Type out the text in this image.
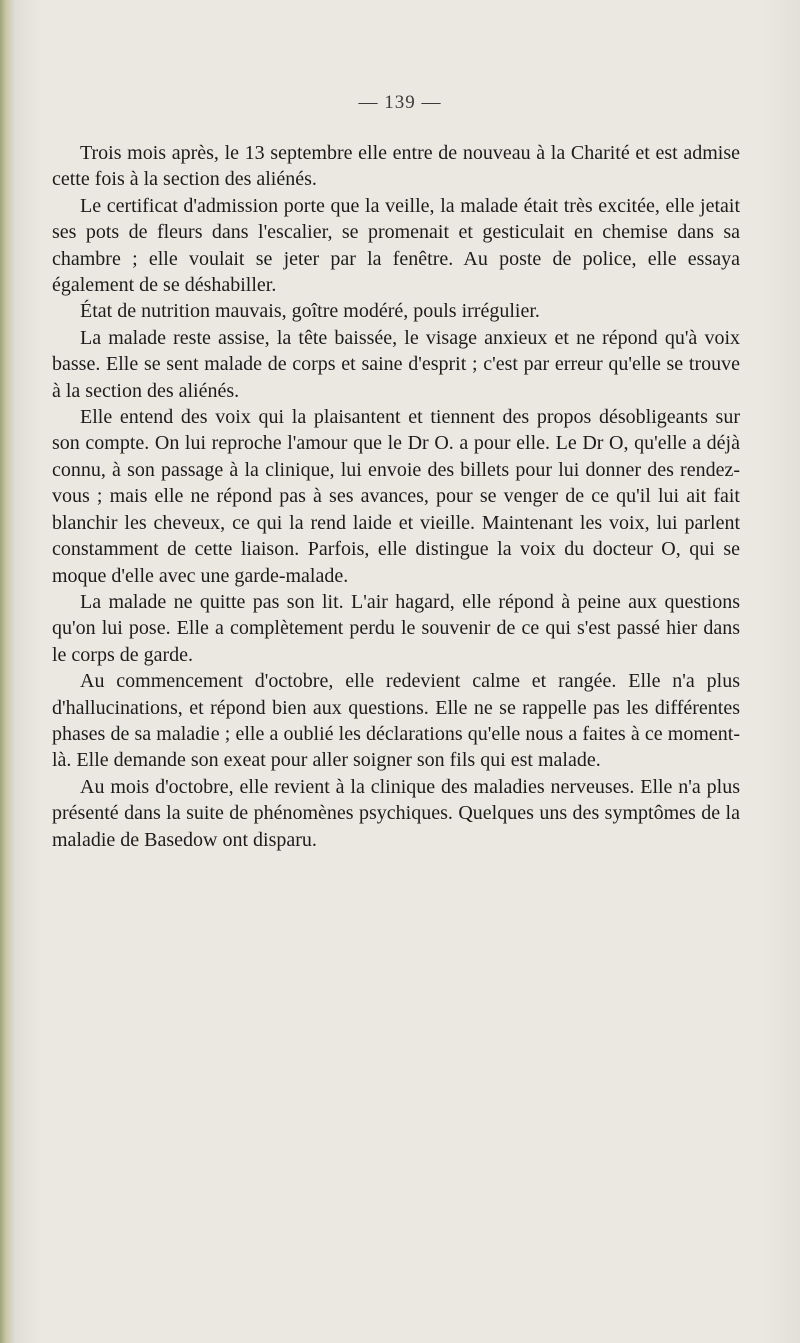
— 139 —

Trois mois après, le 13 septembre elle entre de nouveau à la Charité et est admise cette fois à la section des aliénés.

Le certificat d'admission porte que la veille, la malade était très excitée, elle jetait ses pots de fleurs dans l'escalier, se promenait et gesticulait en chemise dans sa chambre ; elle voulait se jeter par la fenêtre. Au poste de police, elle essaya également de se déshabiller.

État de nutrition mauvais, goître modéré, pouls irrégulier.

La malade reste assise, la tête baissée, le visage anxieux et ne répond qu'à voix basse. Elle se sent malade de corps et saine d'esprit ; c'est par erreur qu'elle se trouve à la section des aliénés.

Elle entend des voix qui la plaisantent et tiennent des propos désobligeants sur son compte. On lui reproche l'amour que le Dr O. a pour elle. Le Dr O, qu'elle a déjà connu, à son passage à la clinique, lui envoie des billets pour lui donner des rendez-vous ; mais elle ne répond pas à ses avances, pour se venger de ce qu'il lui ait fait blanchir les cheveux, ce qui la rend laide et vieille. Maintenant les voix, lui parlent constamment de cette liaison. Parfois, elle distingue la voix du docteur O, qui se moque d'elle avec une garde-malade.

La malade ne quitte pas son lit. L'air hagard, elle répond à peine aux questions qu'on lui pose. Elle a complètement perdu le souvenir de ce qui s'est passé hier dans le corps de garde.

Au commencement d'octobre, elle redevient calme et rangée. Elle n'a plus d'hallucinations, et répond bien aux questions. Elle ne se rappelle pas les différentes phases de sa maladie ; elle a oublié les déclarations qu'elle nous a faites à ce moment-là. Elle demande son exeat pour aller soigner son fils qui est malade.

Au mois d'octobre, elle revient à la clinique des maladies nerveuses. Elle n'a plus présenté dans la suite de phénomènes psychiques. Quelques uns des symptômes de la maladie de Basedow ont disparu.
